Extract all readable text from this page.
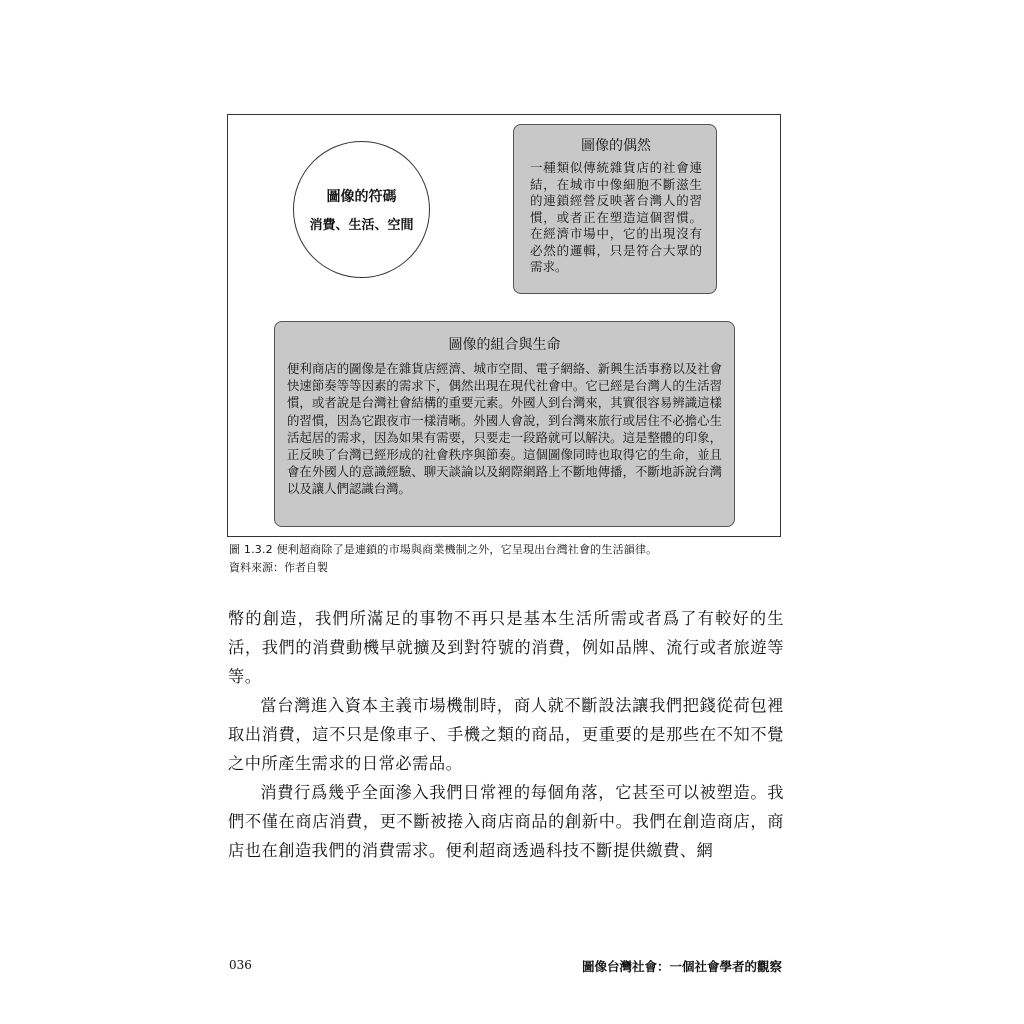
圖像的符碼
消費、生活、空間
圖像的偶然
一種類似傳統雜貨店的社會連結，在城市中像細胞不斷滋生的連鎖經營反映著台灣人的習慣，或者正在塑造這個習慣。在經濟市場中，它的出現沒有必然的邏輯，只是符合大眾的需求。
圖像的組合與生命
便利商店的圖像是在雜貨店經濟、城市空間、電子網絡、新興生活事務以及社會快速節奏等等因素的需求下，偶然出現在現代社會中。它已經是台灣人的生活習慣，或者說是台灣社會結構的重要元素。外國人到台灣來，其實很容易辨識這樣的習慣，因為它跟夜市一樣清晰。外國人會說，到台灣來旅行或居住不必擔心生活起居的需求，因為如果有需要，只要走一段路就可以解決。這是整體的印象，正反映了台灣已經形成的社會秩序與節奏。這個圖像同時也取得它的生命，並且會在外國人的意識經驗、聊天談論以及網際網路上不斷地傳播，不斷地訴說台灣以及讓人們認識台灣。
圖 1.3.2 便利超商除了是連鎖的市場與商業機制之外，它呈現出台灣社會的生活韻律。
資料來源：作者自製

幣的創造，我們所滿足的事物不再只是基本生活所需或者爲了有較好的生活，我們的消費動機早就擴及到對符號的消費，例如品牌、流行或者旅遊等等。

當台灣進入資本主義市場機制時，商人就不斷設法讓我們把錢從荷包裡取出消費，這不只是像車子、手機之類的商品，更重要的是那些在不知不覺之中所產生需求的日常必需品。

消費行爲幾乎全面滲入我們日常裡的每個角落，它甚至可以被塑造。我們不僅在商店消費，更不斷被捲入商店商品的創新中。我們在創造商店，商店也在創造我們的消費需求。便利超商透過科技不斷提供繳費、網

036	圖像台灣社會：一個社會學者的觀察
